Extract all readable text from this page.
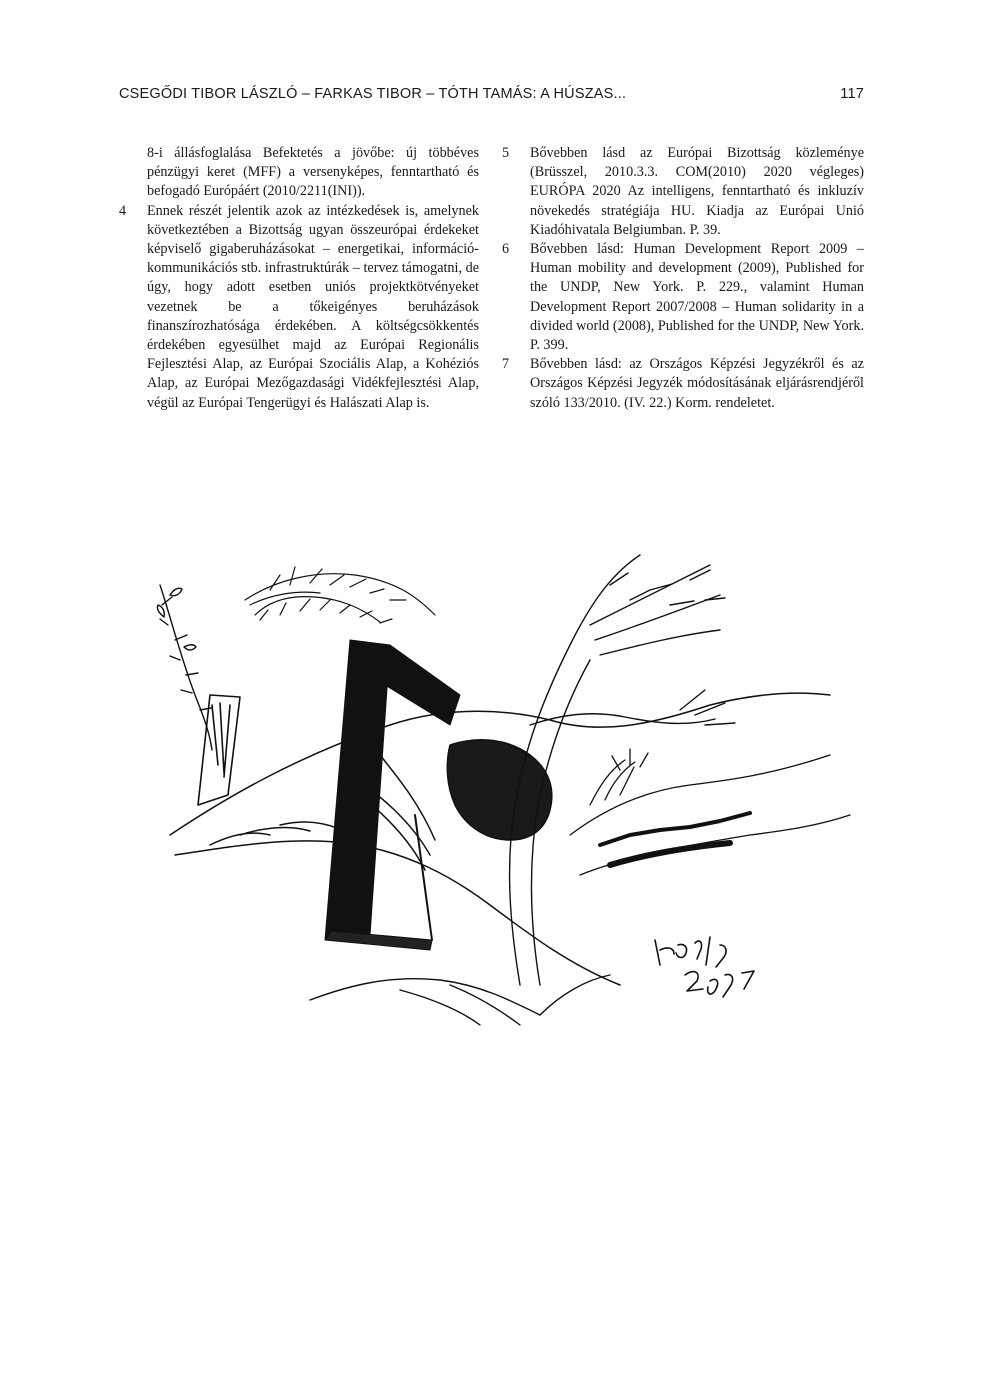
CSEGŐDI TIBOR LÁSZLÓ – FARKAS TIBOR – TÓTH TAMÁS: A HÚSZAS...	117

8-i állásfoglalása Befektetés a jövőbe: új többéves pénzügyi keret (MFF) a versenyképes, fenntartható és befogadó Európáért (2010/2211(INI)).

4 Ennek részét jelentik azok az intézkedések is, amelynek következtében a Bizottság ugyan összeurópai érdekeket képviselő gigaberuházásokat – energetikai, információ-kommunikációs stb. infrastruktúrák – tervez támogatni, de úgy, hogy adott esetben uniós projektkötvényeket vezetnek be a tőkeigényes beruházások finanszírozhatósága érdekében. A költségcsökkentés érdekében egyesülhet majd az Európai Regionális Fejlesztési Alap, az Európai Szociális Alap, a Kohéziós Alap, az Európai Mezőgazdasági Vidékfejlesztési Alap, végül az Európai Tengerügyi és Halászati Alap is.

5 Bővebben lásd az Európai Bizottság közleménye (Brüsszel, 2010.3.3. COM(2010) 2020 végleges) EURÓPA 2020 Az intelligens, fenntartható és inkluzív növekedés stratégiája HU. Kiadja az Európai Unió Kiadóhivatala Belgiumban. P. 39.

6 Bővebben lásd: Human Development Report 2009 – Human mobility and development (2009), Published for the UNDP, New York. P. 229., valamint Human Development Report 2007/2008 – Human solidarity in a divided world (2008), Published for the UNDP, New York. P. 399.

7 Bővebben lásd: az Országos Képzési Jegyzékről és az Országos Képzési Jegyzék módosításának eljárásrendjéről szóló 133/2010. (IV. 22.) Korm. rendeletet.
